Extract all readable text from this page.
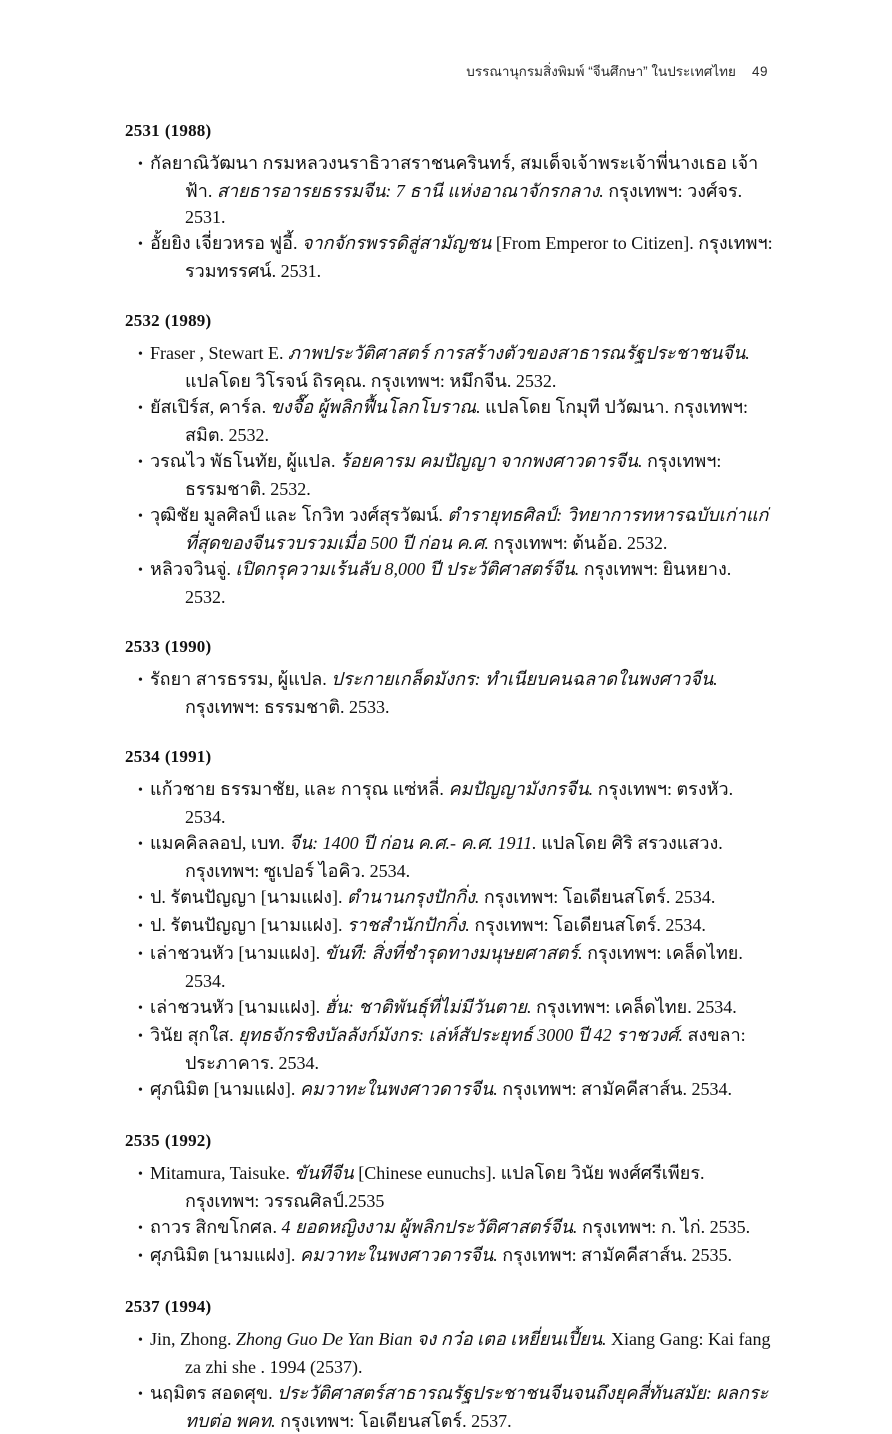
บรรณานุกรมสิ่งพิมพ์ “จีนศึกษา” ในประเทศไทย 49
2531 (1988)
• กัลยาณิวัฒนา กรมหลวงนราธิวาสราชนครินทร์, สมเด็จเจ้าพระเจ้าพี่นางเธอ เจ้าฟ้า. สายธารอารยธรรมจีน: 7 ธานี แห่งอาณาจักรกลาง. กรุงเทพฯ: วงศ์จร. 2531.
• อั้ยยิง เจี่ยวหรอ ฟูอี้. จากจักรพรรดิสู่สามัญชน [From Emperor to Citizen]. กรุงเทพฯ: รวมทรรศน์. 2531.
2532 (1989)
• Fraser , Stewart E. ภาพประวัติศาสตร์ การสร้างตัวของสาธารณรัฐประชาชนจีน. แปลโดย วิโรจน์ ถิรคุณ. กรุงเทพฯ: หมึกจีน. 2532.
• ยัสเปิร์ส, คาร์ล. ขงจื๊อ ผู้พลิกฟื้นโลกโบราณ. แปลโดย โกมุที ปวัฒนา. กรุงเทพฯ: สมิต. 2532.
• วรณไว พัธโนทัย, ผู้แปล. ร้อยคารม คมปัญญา จากพงศาวดารจีน. กรุงเทพฯ: ธรรมชาติ. 2532.
• วุฒิชัย มูลศิลป์ และ โกวิท วงศ์สุรวัฒน์. ตำรายุทธศิลป์: วิทยาการทหารฉบับเก่าแก่ที่สุดของจีนรวบรวมเมื่อ 500 ปี ก่อน ค.ศ. กรุงเทพฯ: ต้นอ้อ. 2532.
• หลิวจวินจู่. เปิดกรุความเร้นลับ 8,000 ปี ประวัติศาสตร์จีน. กรุงเทพฯ: ยินหยาง. 2532.
2533 (1990)
• รัถยา สารธรรม, ผู้แปล. ประกายเกล็ดมังกร: ทำเนียบคนฉลาดในพงศาวจีน. กรุงเทพฯ: ธรรมชาติ. 2533.
2534 (1991)
• แก้วชาย ธรรมาชัย, และ การุณ แซ่หลี่. คมปัญญามังกรจีน. กรุงเทพฯ: ตรงหัว. 2534.
• แมคคิลลอป, เบท. จีน: 1400 ปี ก่อน ค.ศ.- ค.ศ. 1911. แปลโดย ศิริ สรวงแสวง. กรุงเทพฯ: ซูเปอร์ ไอคิว. 2534.
• ป. รัตนปัญญา [นามแฝง]. ตำนานกรุงปักกิ่ง. กรุงเทพฯ: โอเดียนสโตร์. 2534.
• ป. รัตนปัญญา [นามแฝง]. ราชสำนักปักกิ่ง. กรุงเทพฯ: โอเดียนสโตร์. 2534.
• เล่าชวนหัว [นามแฝง]. ขันที: สิ่งที่ชำรุดทางมนุษยศาสตร์. กรุงเทพฯ: เคล็ดไทย. 2534.
• เล่าชวนหัว [นามแฝง]. ฮั่น: ชาติพันธุ์ที่ไม่มีวันตาย. กรุงเทพฯ: เคล็ดไทย. 2534.
• วินัย สุกใส. ยุทธจักรชิงบัลลังก์มังกร: เล่ห์สัประยุทธ์ 3000 ปี 42 ราชวงศ์. สงขลา: ประภาคาร. 2534.
• ศุภนิมิต [นามแฝง]. คมวาทะในพงศาวดารจีน. กรุงเทพฯ: สามัคคีสาส์น. 2534.
2535 (1992)
• Mitamura, Taisuke. ขันทีจีน [Chinese eunuchs]. แปลโดย วินัย พงศ์ศรีเพียร. กรุงเทพฯ: วรรณศิลป์.2535
• ถาวร สิกขโกศล. 4 ยอดหญิงงาม ผู้พลิกประวัติศาสตร์จีน. กรุงเทพฯ: ก. ไก่. 2535.
• ศุภนิมิต [นามแฝง]. คมวาทะในพงศาวดารจีน. กรุงเทพฯ: สามัคคีสาส์น. 2535.
2537 (1994)
• Jin, Zhong. Zhong Guo De Yan Bian จง กว๋อ เตอ เหยี่ยนเปี้ยน. Xiang Gang: Kai fang za zhi she . 1994 (2537).
• นฤมิตร สอดศุข. ประวัติศาสตร์สาธารณรัฐประชาชนจีนจนถึงยุคสี่ทันสมัย: ผลกระทบต่อ พคท. กรุงเทพฯ: โอเดียนสโตร์. 2537.
